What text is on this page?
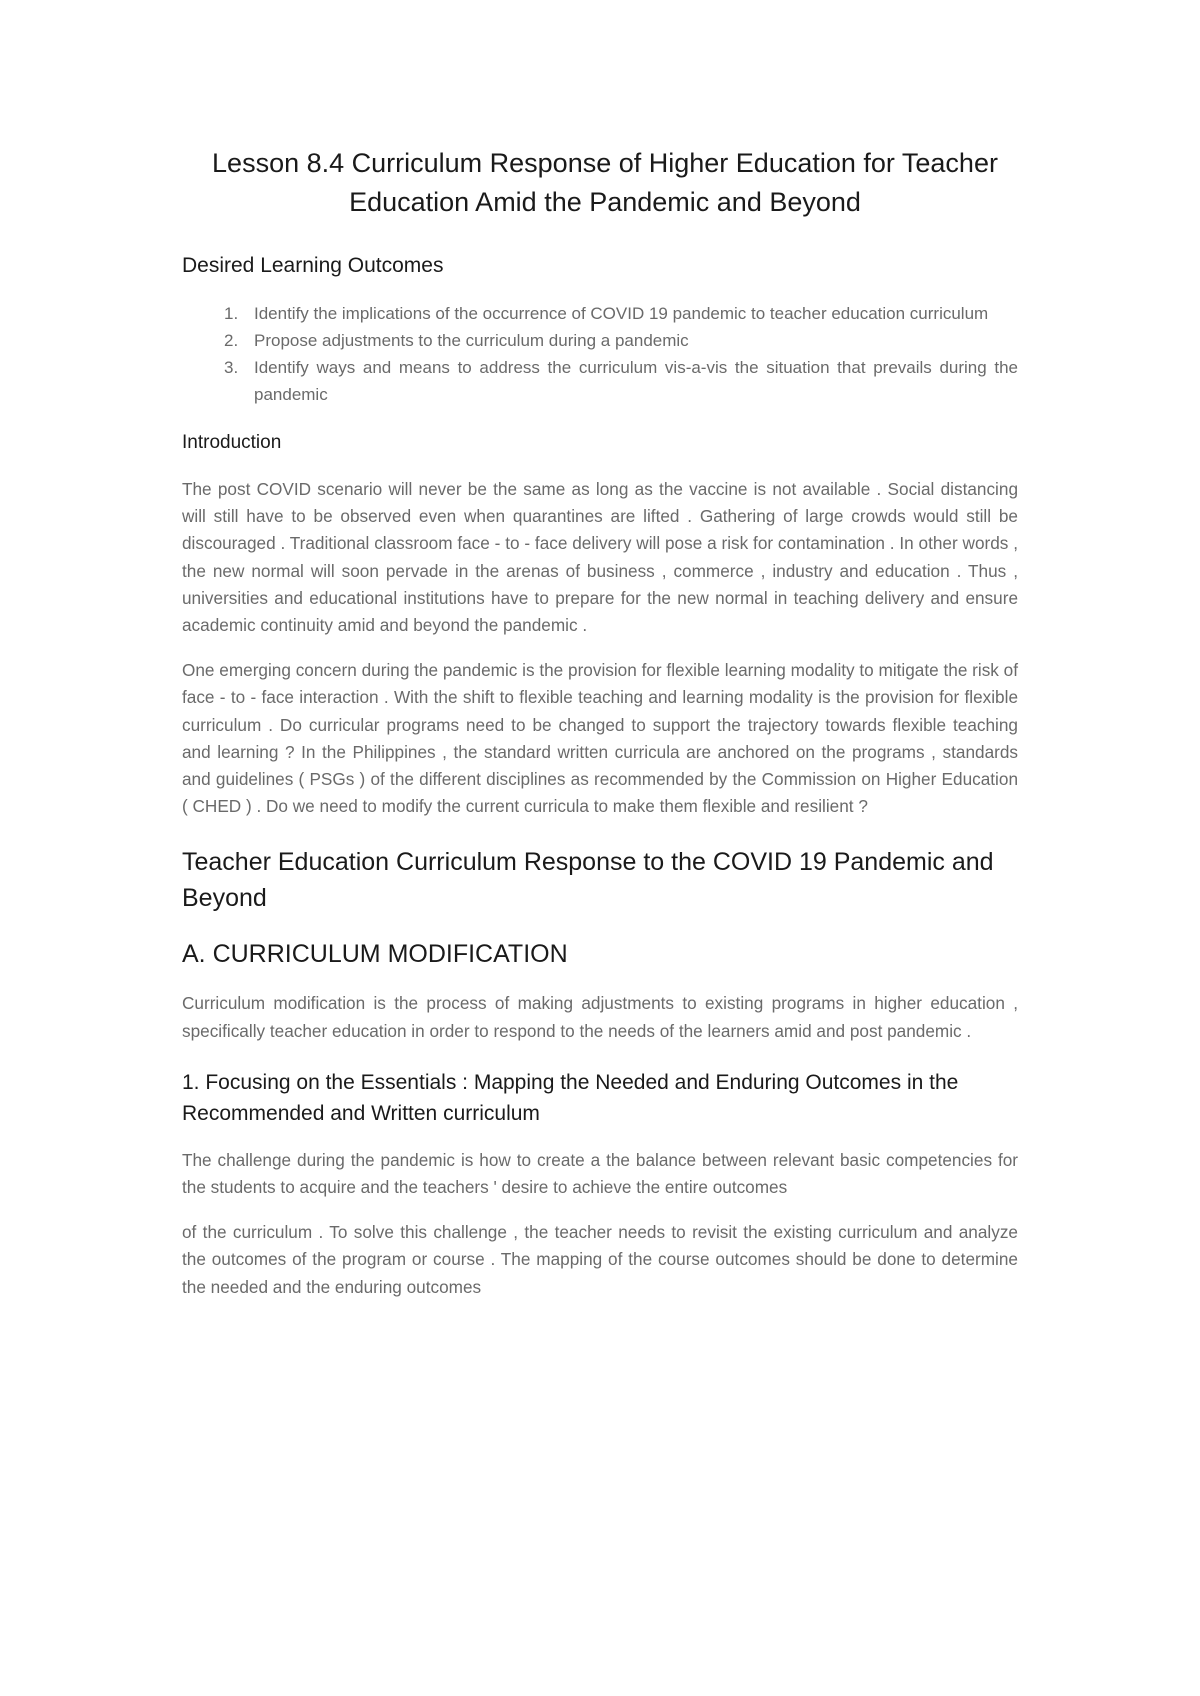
Lesson 8.4 Curriculum Response of Higher Education for Teacher Education Amid the Pandemic and Beyond
Desired Learning Outcomes
1. Identify the implications of the occurrence of COVID 19 pandemic to teacher education curriculum
2. Propose adjustments to the curriculum during a pandemic
3. Identify ways and means to address the curriculum vis-a-vis the situation that prevails during the pandemic
Introduction

The post COVID scenario will never be the same as long as the vaccine is not available . Social distancing will still have to be observed even when quarantines are lifted . Gathering of large crowds would still be discouraged . Traditional classroom face - to - face delivery will pose a risk for contamination . In other words , the new normal will soon pervade in the arenas of business , commerce , industry and education . Thus , universities and educational institutions have to prepare for the new normal in teaching delivery and ensure academic continuity amid and beyond the pandemic .

One emerging concern during the pandemic is the provision for flexible learning modality to mitigate the risk of face - to - face interaction . With the shift to flexible teaching and learning modality is the provision for flexible curriculum . Do curricular programs need to be changed to support the trajectory towards flexible teaching and learning ? In the Philippines , the standard written curricula are anchored on the programs , standards and guidelines ( PSGs ) of the different disciplines as recommended by the Commission on Higher Education ( CHED ) . Do we need to modify the current curricula to make them flexible and resilient ?

Teacher Education Curriculum Response to the COVID 19 Pandemic and Beyond
A. CURRICULUM MODIFICATION

Curriculum modification is the process of making adjustments to existing programs in higher education , specifically teacher education in order to respond to the needs of the learners amid and post pandemic .

1. Focusing on the Essentials : Mapping the Needed and Enduring Outcomes in the Recommended and Written curriculum

The challenge during the pandemic is how to create a the balance between relevant basic competencies for the students to acquire and the teachers ' desire to achieve the entire outcomes

of the curriculum . To solve this challenge , the teacher needs to revisit the existing curriculum and analyze the outcomes of the program or course . The mapping of the course outcomes should be done to determine the needed and the enduring outcomes
